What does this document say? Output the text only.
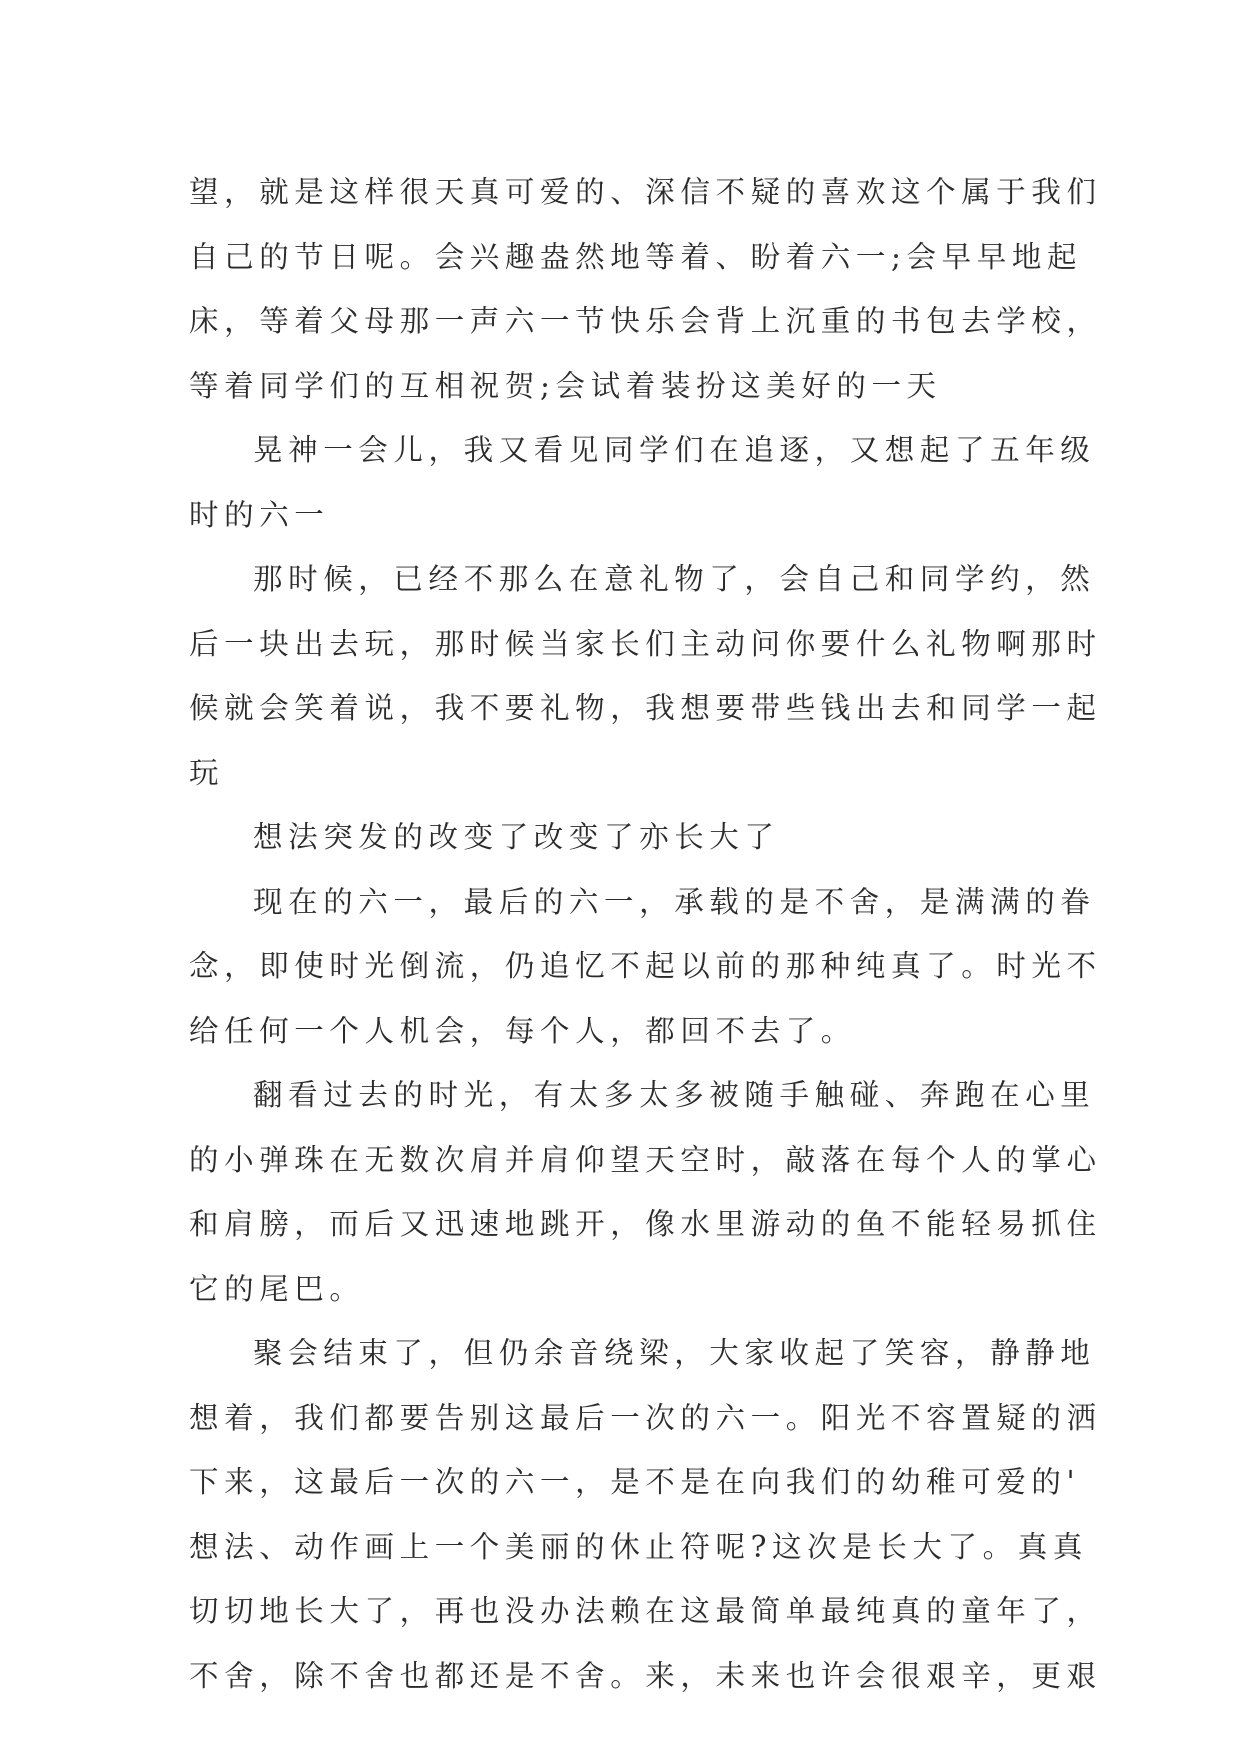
望，就是这样很天真可爱的、深信不疑的喜欢这个属于我们
自己的节日呢。会兴趣盎然地等着、盼着六一;会早早地起
床，等着父母那一声六一节快乐会背上沉重的书包去学校，
等着同学们的互相祝贺;会试着装扮这美好的一天

晃神一会儿，我又看见同学们在追逐，又想起了五年级
时的六一

那时候，已经不那么在意礼物了，会自己和同学约，然
后一块出去玩，那时候当家长们主动问你要什么礼物啊那时
候就会笑着说，我不要礼物，我想要带些钱出去和同学一起
玩

想法突发的改变了改变了亦长大了

现在的六一，最后的六一，承载的是不舍，是满满的眷
念，即使时光倒流，仍追忆不起以前的那种纯真了。时光不
给任何一个人机会，每个人，都回不去了。

翻看过去的时光，有太多太多被随手触碰、奔跑在心里
的小弹珠在无数次肩并肩仰望天空时，敲落在每个人的掌心
和肩膀，而后又迅速地跳开，像水里游动的鱼不能轻易抓住
它的尾巴。

聚会结束了，但仍余音绕梁，大家收起了笑容，静静地
想着，我们都要告别这最后一次的六一。阳光不容置疑的洒
下来，这最后一次的六一，是不是在向我们的幼稚可爱的'
想法、动作画上一个美丽的休止符呢?这次是长大了。真真
切切地长大了，再也没办法赖在这最简单最纯真的童年了，
不舍，除不舍也都还是不舍。来，未来也许会很艰辛，更艰
